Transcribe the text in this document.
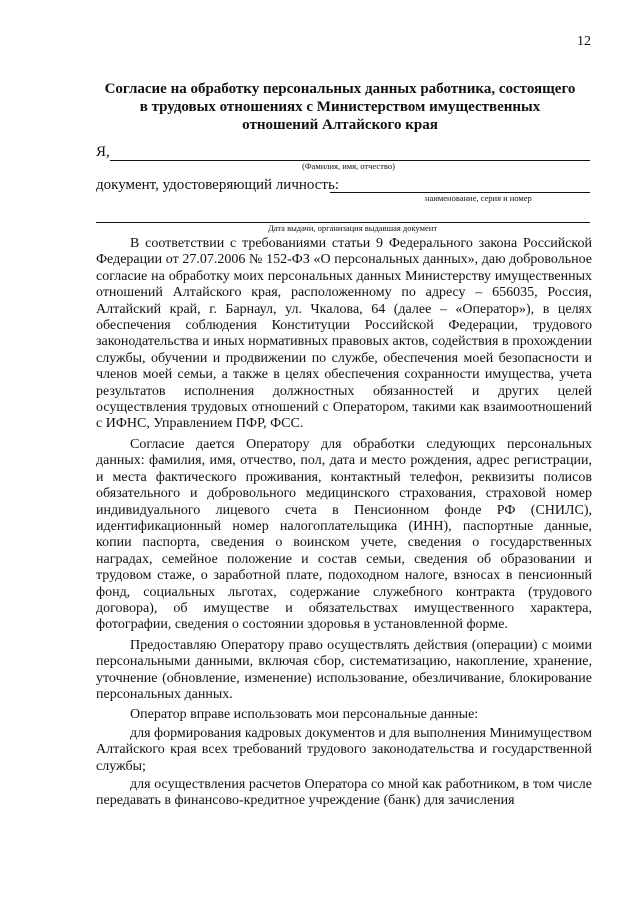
12
Согласие на обработку персональных данных работника, состоящего
в трудовых отношениях с Министерством имущественных
отношений Алтайского края
Я,
(Фамилия, имя, отчество)
документ, удостоверяющий личность:
наименование, серия и номер
Дата выдачи, организация выдавшая документ

В соответствии с требованиями статьи 9 Федерального закона Российской Федерации от 27.07.2006 № 152-ФЗ «О персональных данных», даю добровольное согласие на обработку моих персональных данных Министерству имущественных отношений Алтайского края, расположенному по адресу – 656035, Россия, Алтайский край, г. Барнаул, ул. Чкалова, 64 (далее – «Оператор»), в целях обеспечения соблюдения Конституции Российской Федерации, трудового законодательства и иных нормативных правовых актов, содействия в прохождении службы, обучении и продвижении по службе, обеспечения моей безопасности и членов моей семьи, а также в целях обеспечения сохранности имущества, учета результатов исполнения должностных обязанностей и других целей осуществления трудовых отношений с Оператором, такими как взаимоотношений с ИФНС, Управлением ПФР, ФСС.

Согласие дается Оператору для обработки следующих персональных данных: фамилия, имя, отчество, пол, дата и место рождения, адрес регистрации, и места фактического проживания, контактный телефон, реквизиты полисов обязательного и добровольного медицинского страхования, страховой номер индивидуального лицевого счета в Пенсионном фонде РФ (СНИЛС), идентификационный номер налогоплательщика (ИНН), паспортные данные, копии паспорта, сведения о воинском учете, сведения о государственных наградах, семейное положение и состав семьи, сведения об образовании и трудовом стаже, о заработной плате, подоходном налоге, взносах в пенсионный фонд, социальных льготах, содержание служебного контракта (трудового договора), об имуществе и обязательствах имущественного характера, фотографии, сведения о состоянии здоровья в установленной форме.

Предоставляю Оператору право осуществлять действия (операции) с моими персональными данными, включая сбор, систематизацию, накопление, хранение, уточнение (обновление, изменение) использование, обезличивание, блокирование персональных данных.

Оператор вправе использовать мои персональные данные:

для формирования кадровых документов и для выполнения Минимуществом Алтайского края всех требований трудового законодательства и государственной службы;

для осуществления расчетов Оператора со мной как работником, в том числе передавать в финансово-кредитное учреждение (банк) для зачисления
